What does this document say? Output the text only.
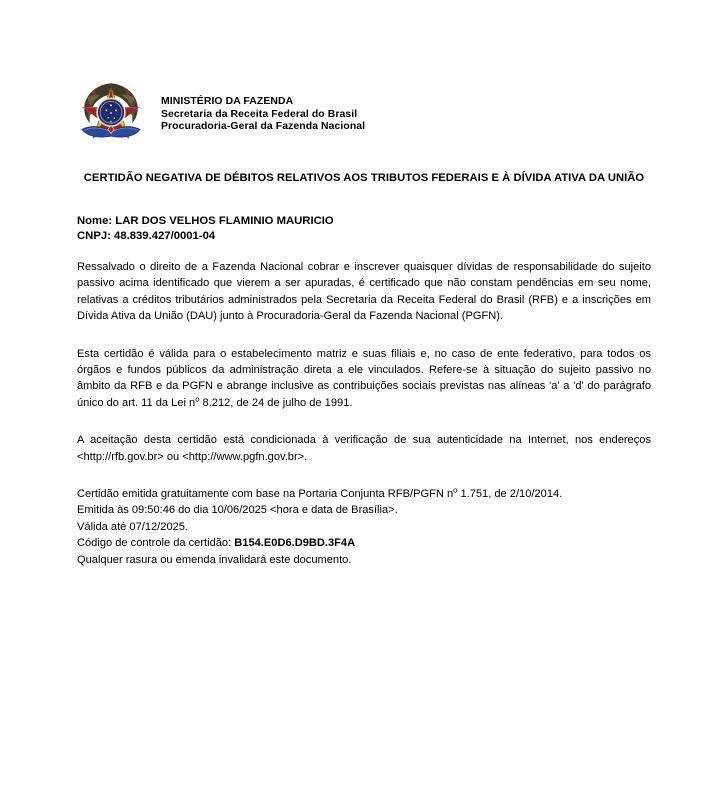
MINISTÉRIO DA FAZENDA
Secretaria da Receita Federal do Brasil
Procuradoria-Geral da Fazenda Nacional
CERTIDÃO NEGATIVA DE DÉBITOS RELATIVOS AOS TRIBUTOS FEDERAIS E À DÍVIDA ATIVA DA UNIÃO
Nome: LAR DOS VELHOS FLAMINIO MAURICIO
CNPJ: 48.839.427/0001-04

Ressalvado o direito de a Fazenda Nacional cobrar e inscrever quaisquer dívidas de responsabilidade do sujeito passivo acima identificado que vierem a ser apuradas, é certificado que não constam pendências em seu nome, relativas a créditos tributários administrados pela Secretaria da Receita Federal do Brasil (RFB) e a inscrições em Dívida Ativa da União (DAU) junto à Procuradoria-Geral da Fazenda Nacional (PGFN).

Esta certidão é válida para o estabelecimento matriz e suas filiais e, no caso de ente federativo, para todos os órgãos e fundos públicos da administração direta a ele vinculados. Refere-se à situação do sujeito passivo no âmbito da RFB e da PGFN e abrange inclusive as contribuições sociais previstas nas alíneas 'a' a 'd' do parágrafo único do art. 11 da Lei $n^o$ 8.212, de 24 de julho de 1991.

A aceitação desta certidão está condicionada à verificação de sua autenticidade na Internet, nos endereços <http://rfb.gov.br> ou <http://www.pgfn.gov.br>.

Certidão emitida gratuitamente com base na Portaria Conjunta RFB/PGFN $n^o$ 1.751, de 2/10/2014.
Emitida às 09:50:46 do dia 10/06/2025 <hora e data de Brasília>.
Válida até 07/12/2025.
Código de controle da certidão: B154.E0D6.D9BD.3F4A
Qualquer rasura ou emenda invalidará este documento.
